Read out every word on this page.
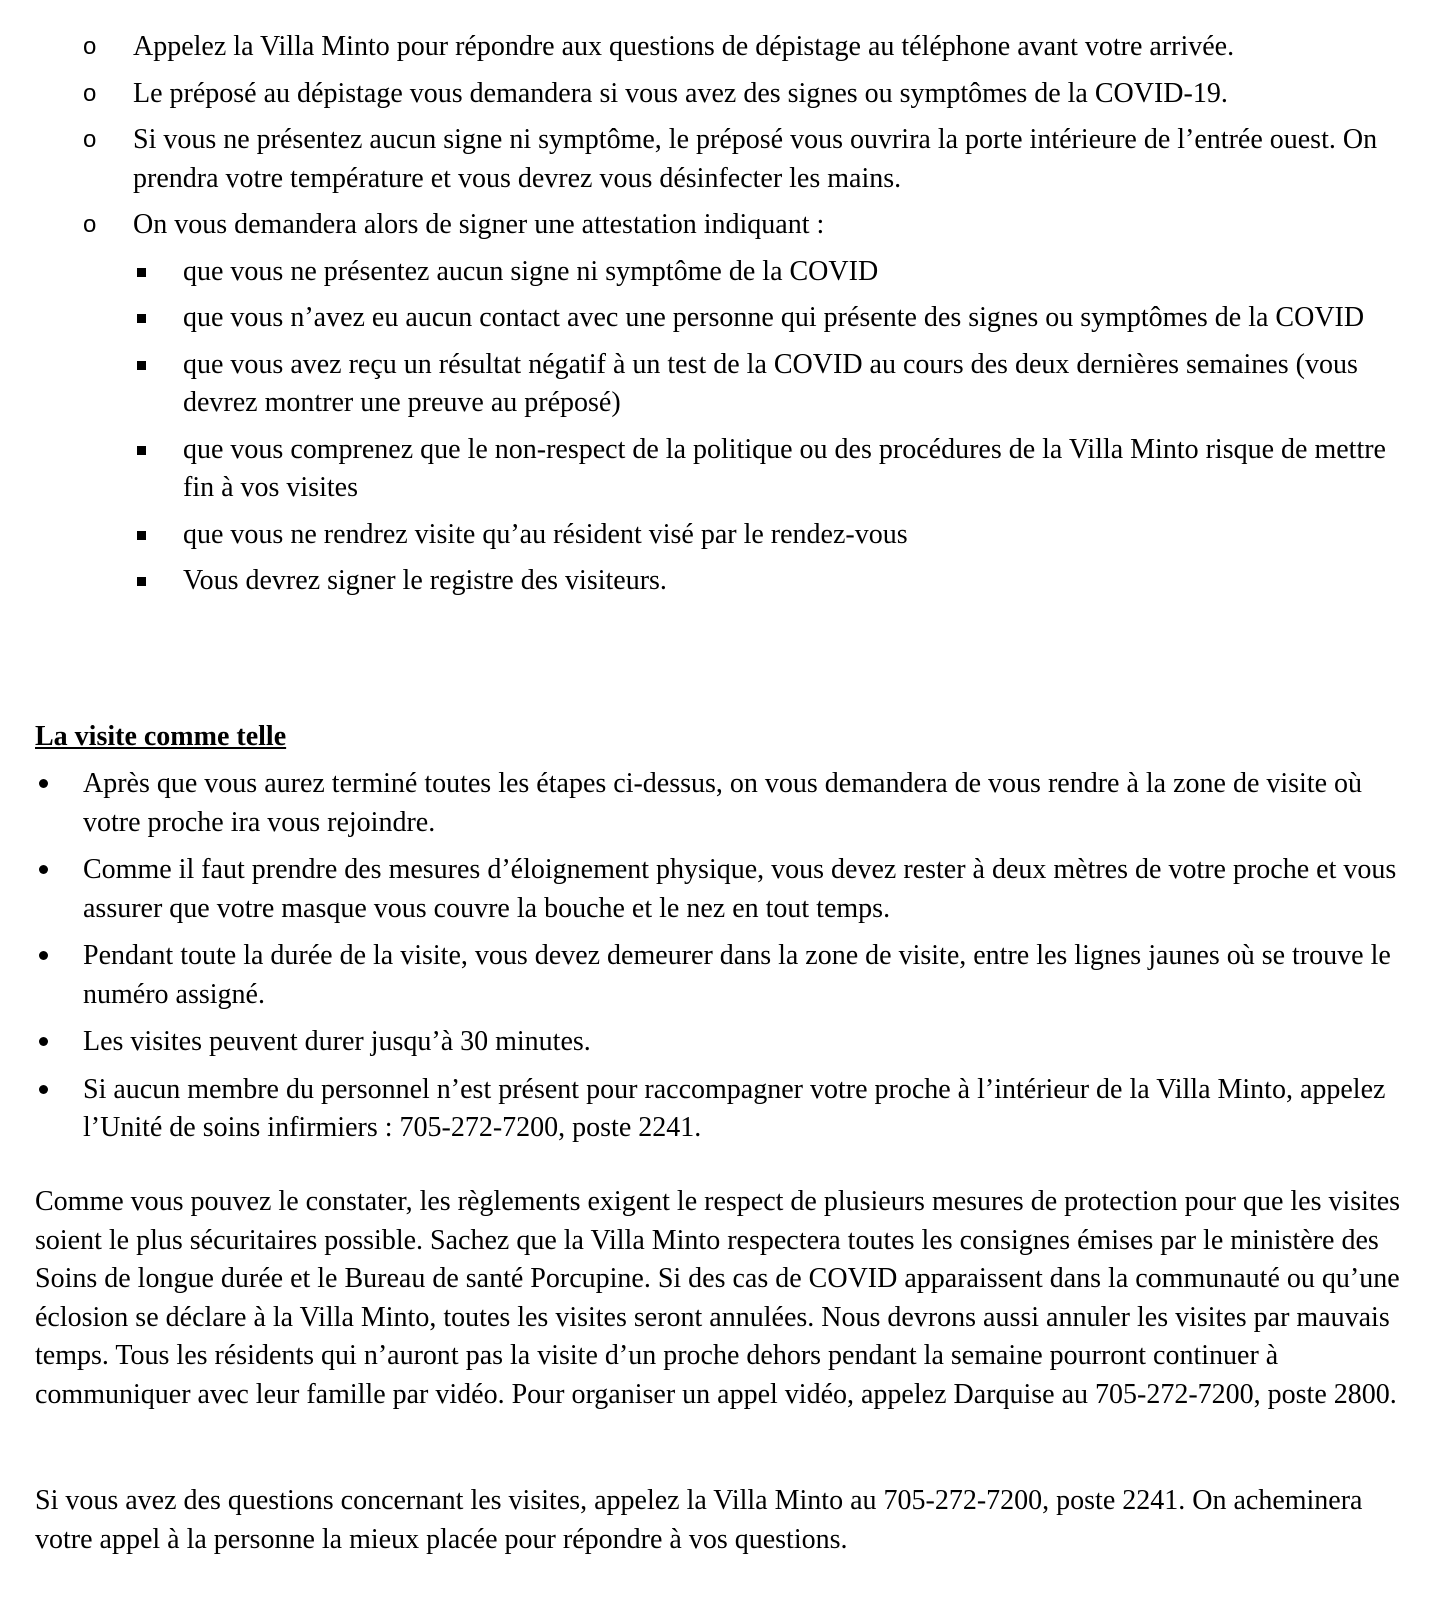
o Appelez la Villa Minto pour répondre aux questions de dépistage au téléphone avant votre arrivée.
o Le préposé au dépistage vous demandera si vous avez des signes ou symptômes de la COVID-19.
o Si vous ne présentez aucun signe ni symptôme, le préposé vous ouvrira la porte intérieure de l’entrée ouest. On prendra votre température et vous devrez vous désinfecter les mains.
o On vous demandera alors de signer une attestation indiquant :
que vous ne présentez aucun signe ni symptôme de la COVID
que vous n’avez eu aucun contact avec une personne qui présente des signes ou symptômes de la COVID
que vous avez reçu un résultat négatif à un test de la COVID au cours des deux dernières semaines (vous devrez montrer une preuve au préposé)
que vous comprenez que le non-respect de la politique ou des procédures de la Villa Minto risque de mettre fin à vos visites
que vous ne rendrez visite qu’au résident visé par le rendez-vous
Vous devrez signer le registre des visiteurs.
La visite comme telle
Après que vous aurez terminé toutes les étapes ci-dessus, on vous demandera de vous rendre à la zone de visite où votre proche ira vous rejoindre.
Comme il faut prendre des mesures d’éloignement physique, vous devez rester à deux mètres de votre proche et vous assurer que votre masque vous couvre la bouche et le nez en tout temps.
Pendant toute la durée de la visite, vous devez demeurer dans la zone de visite, entre les lignes jaunes où se trouve le numéro assigné.
Les visites peuvent durer jusqu’à 30 minutes.
Si aucun membre du personnel n’est présent pour raccompagner votre proche à l’intérieur de la Villa Minto, appelez l’Unité de soins infirmiers : 705-272-7200, poste 2241.

Comme vous pouvez le constater, les règlements exigent le respect de plusieurs mesures de protection pour que les visites soient le plus sécuritaires possible. Sachez que la Villa Minto respectera toutes les consignes émises par le ministère des Soins de longue durée et le Bureau de santé Porcupine. Si des cas de COVID apparaissent dans la communauté ou qu’une éclosion se déclare à la Villa Minto, toutes les visites seront annulées. Nous devrons aussi annuler les visites par mauvais temps. Tous les résidents qui n’auront pas la visite d’un proche dehors pendant la semaine pourront continuer à communiquer avec leur famille par vidéo. Pour organiser un appel vidéo, appelez Darquise au 705-272-7200, poste 2800.

Si vous avez des questions concernant les visites, appelez la Villa Minto au 705-272-7200, poste 2241. On acheminera votre appel à la personne la mieux placée pour répondre à vos questions.
